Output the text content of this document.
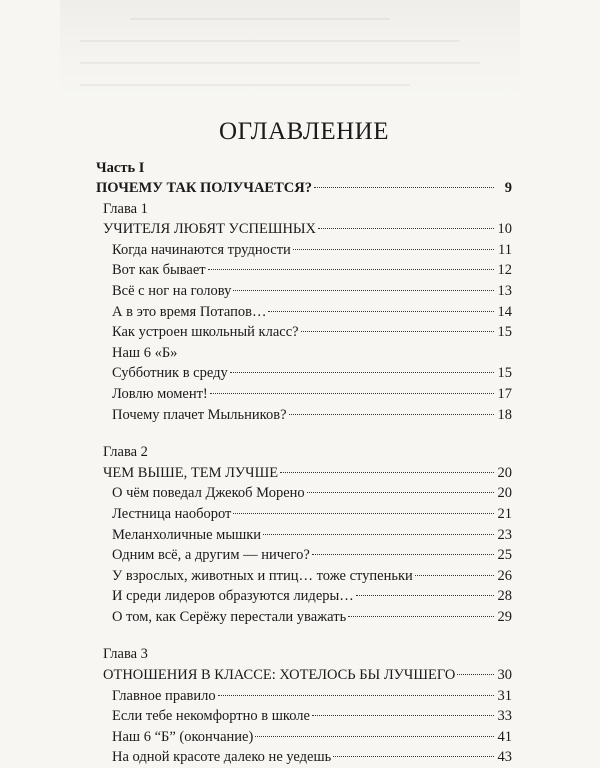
ОГЛАВЛЕНИЕ
Часть I
ПОЧЕМУ ТАК ПОЛУЧАЕТСЯ?	9
Глава 1
УЧИТЕЛЯ ЛЮБЯТ УСПЕШНЫХ	10
Когда начинаются трудности	11
Вот как бывает	12
Всё с ног на голову	13
А в это время Потапов…	14
Как устроен школьный класс?	15
Наш 6 «Б»
Субботник в среду	15
Ловлю момент!	17
Почему плачет Мыльников?	18
Глава 2
ЧЕМ ВЫШЕ, ТЕМ ЛУЧШЕ	20
О чём поведал Джекоб Морено	20
Лестница наоборот	21
Меланхоличные мышки	23
Одним всё, а другим — ничего?	25
У взрослых, животных и птиц… тоже ступеньки	26
И среди лидеров образуются лидеры…	28
О том, как Серёжу перестали уважать	29
Глава 3
ОТНОШЕНИЯ В КЛАССЕ: ХОТЕЛОСЬ БЫ ЛУЧШЕГО	30
Главное правило	31
Если тебе некомфортно в школе	33
Наш 6 “Б” (окончание)	41
На одной красоте далеко не уедешь	43
